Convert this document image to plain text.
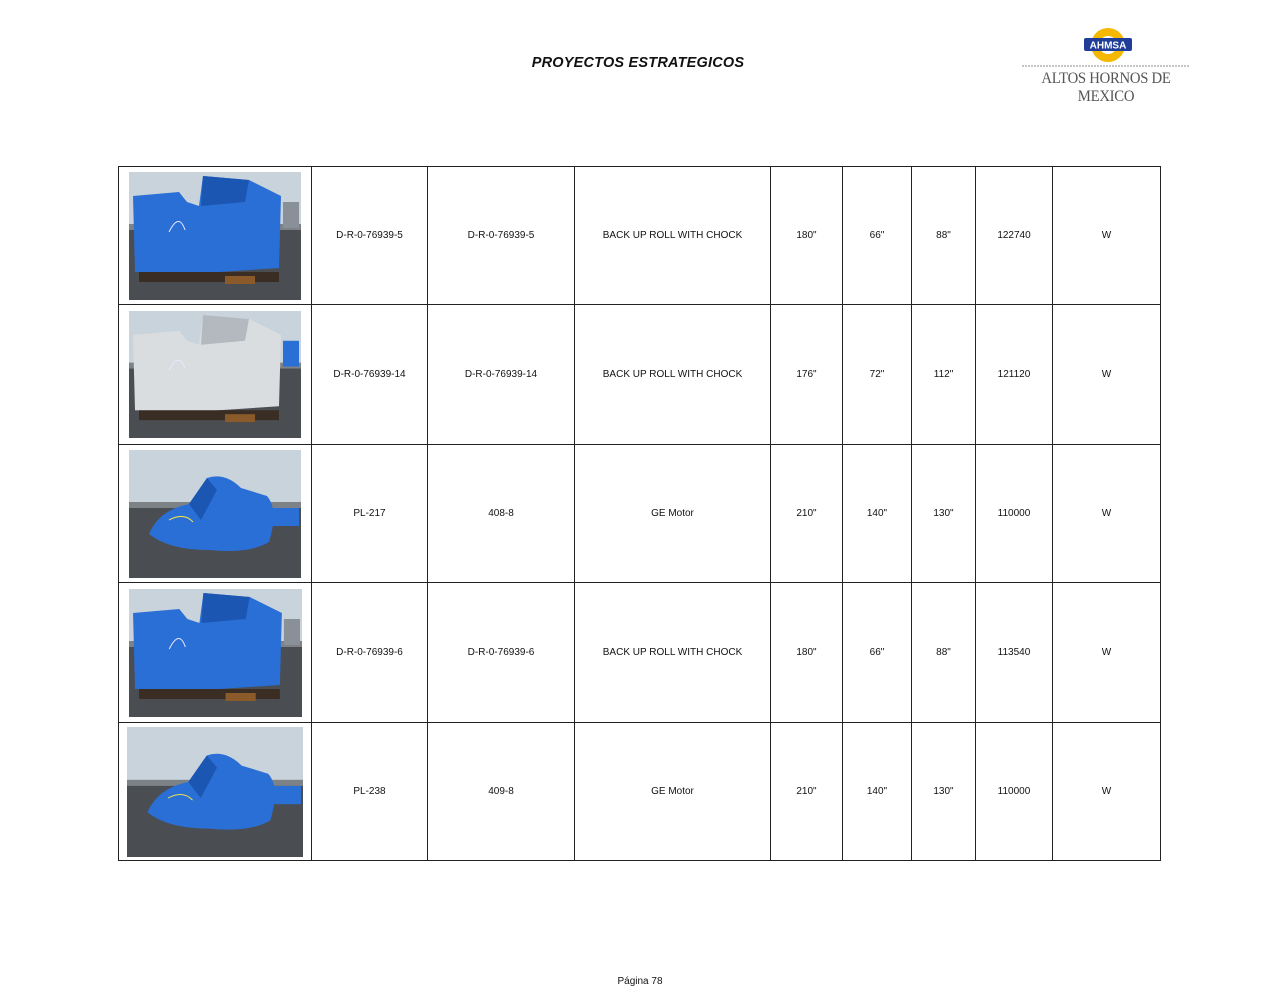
PROYECTOS ESTRATEGICOS
AHMSA
ALTOS HORNOS DE MEXICO
	D-R-0-76939-5	D-R-0-76939-5	BACK UP ROLL WITH CHOCK	180"	66"	88"	122740	W

	D-R-0-76939-14	D-R-0-76939-14	BACK UP ROLL WITH CHOCK	176"	72"	112"	121120	W

	PL-217	408-8	GE Motor	210"	140"	130"	110000	W

	D-R-0-76939-6	D-R-0-76939-6	BACK UP ROLL WITH CHOCK	180"	66"	88"	113540	W

	PL-238	409-8	GE Motor	210"	140"	130"	110000	W
Página 78
